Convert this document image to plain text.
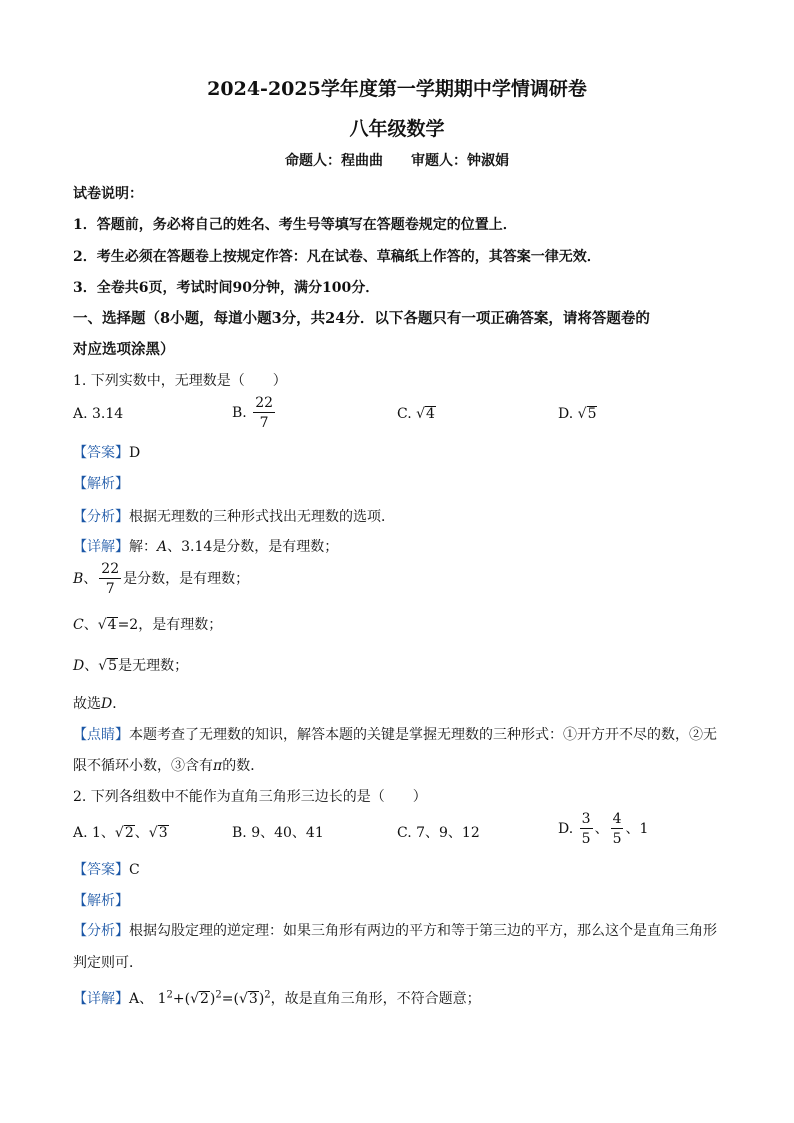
2024-2025学年度第一学期期中学情调研卷
八年级数学
命题人：程曲曲　　审题人：钟淑娟
试卷说明：
1．答题前，务必将自己的姓名、考生号等填写在答题卷规定的位置上．
2．考生必须在答题卷上按规定作答：凡在试卷、草稿纸上作答的，其答案一律无效．
3．全卷共6页，考试时间90分钟，满分100分．
一、选择题（8小题，每道小题3分，共24分．以下各题只有一项正确答案，请将答题卷的
对应选项涂黑）
1. 下列实数中，无理数是（　　）
A. 3.14	B. $\frac{22}{7}$	C. √4	D. √5
【答案】D
【解析】
【分析】根据无理数的三种形式找出无理数的选项．
【详解】解：A、3.14是分数，是有理数；
B、 $\frac{22}{7}$ 是分数，是有理数；
C、√4=2，是有理数；
D、√5是无理数；
故选D．
【点睛】本题考查了无理数的知识，解答本题的关键是掌握无理数的三种形式：①开方开不尽的数，②无
限不循环小数，③含有π的数．
2. 下列各组数中不能作为直角三角形三边长的是（　　）
A. 1、√2、√3	B. 9、40、41	C. 7、9、12	D. $\frac{3}{5}$ 、 $\frac{4}{5}$ 、1
【答案】C
【解析】
【分析】根据勾股定理的逆定理：如果三角形有两边的平方和等于第三边的平方，那么这个是直角三角形
判定则可．
【详解】A、 $1^2+(√2)^2=(√3)^2$，故是直角三角形，不符合题意；
